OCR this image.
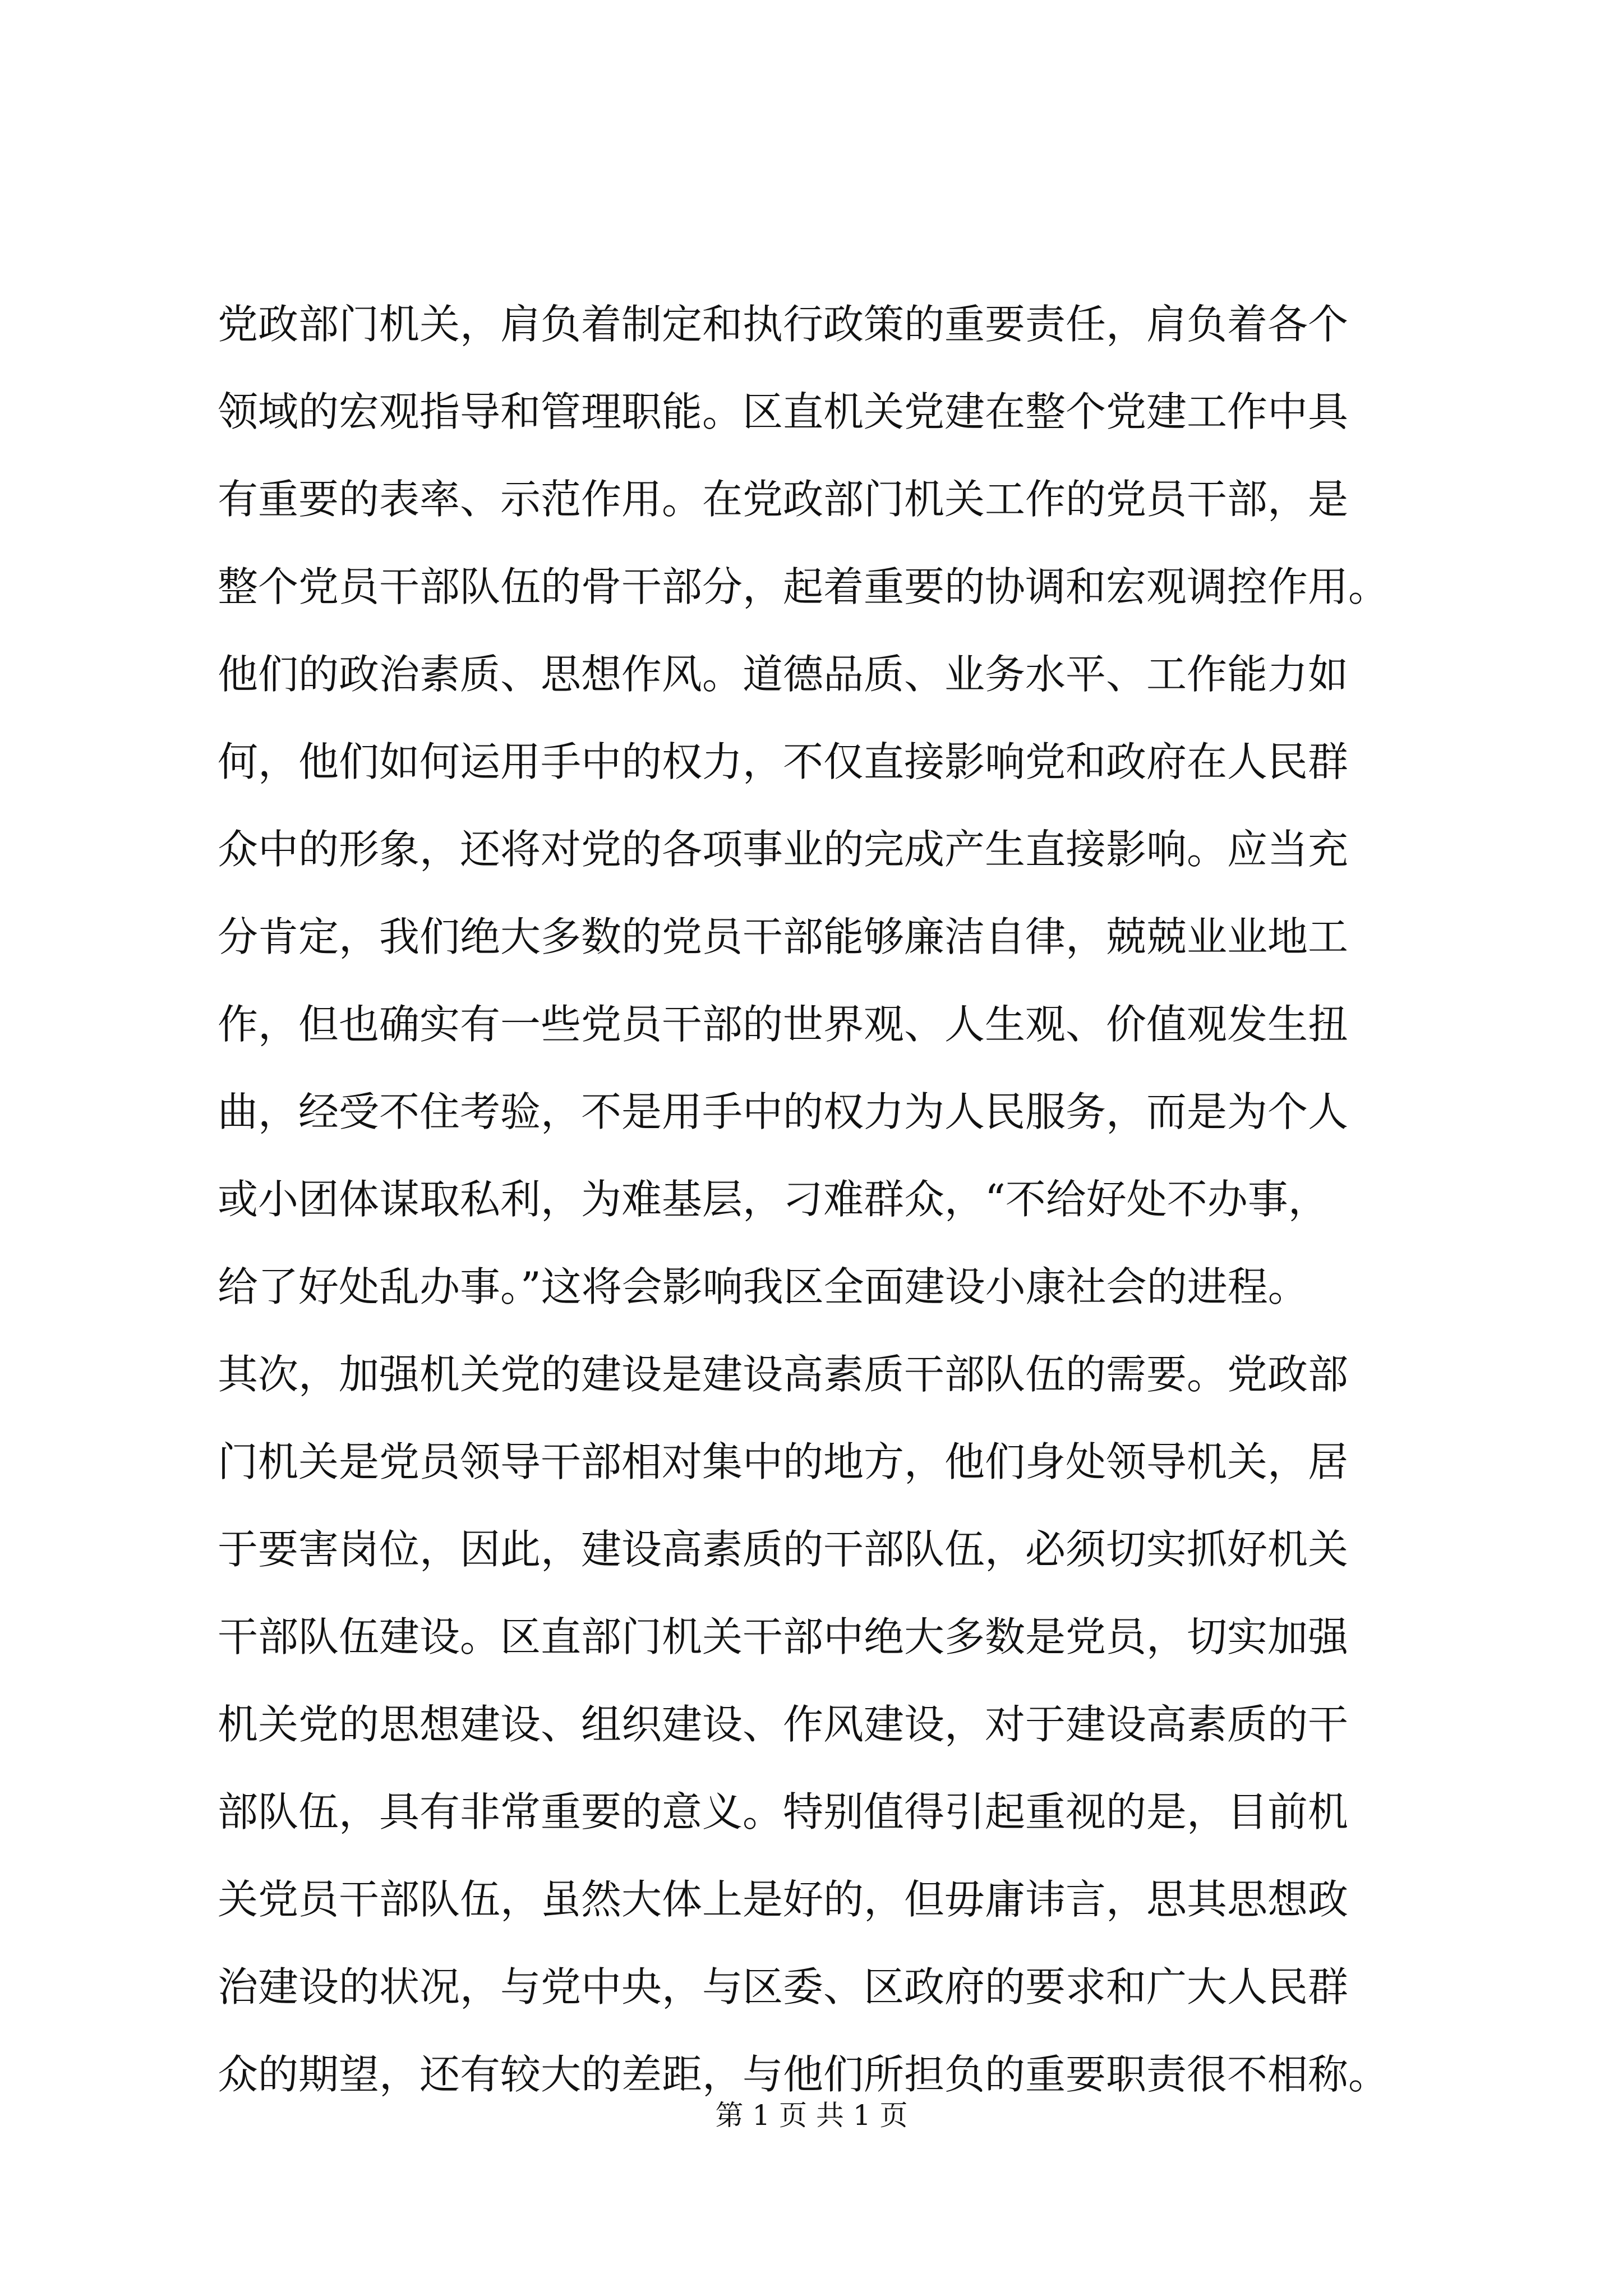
党政部门机关，肩负着制定和执行政策的重要责任，肩负着各个
领域的宏观指导和管理职能。区直机关党建在整个党建工作中具
有重要的表率、示范作用。在党政部门机关工作的党员干部，是
整个党员干部队伍的骨干部分，起着重要的协调和宏观调控作用。
他们的政治素质、思想作风。道德品质、业务水平、工作能力如
何，他们如何运用手中的权力，不仅直接影响党和政府在人民群
众中的形象，还将对党的各项事业的完成产生直接影响。应当充
分肯定，我们绝大多数的党员干部能够廉洁自律，兢兢业业地工
作，但也确实有一些党员干部的世界观、人生观、价值观发生扭
曲，经受不住考验，不是用手中的权力为人民服务，而是为个人
或小团体谋取私利，为难基层，刁难群众，“不给好处不办事，
给了好处乱办事。”这将会影响我区全面建设小康社会的进程。
其次，加强机关党的建设是建设高素质干部队伍的需要。党政部
门机关是党员领导干部相对集中的地方，他们身处领导机关，居
于要害岗位，因此，建设高素质的干部队伍，必须切实抓好机关
干部队伍建设。区直部门机关干部中绝大多数是党员，切实加强
机关党的思想建设、组织建设、作风建设，对于建设高素质的干
部队伍，具有非常重要的意义。特别值得引起重视的是，目前机
关党员干部队伍，虽然大体上是好的，但毋庸讳言，思其思想政
治建设的状况，与党中央，与区委、区政府的要求和广大人民群
众的期望，还有较大的差距，与他们所担负的重要职责很不相称。
第 1 页 共 1 页
